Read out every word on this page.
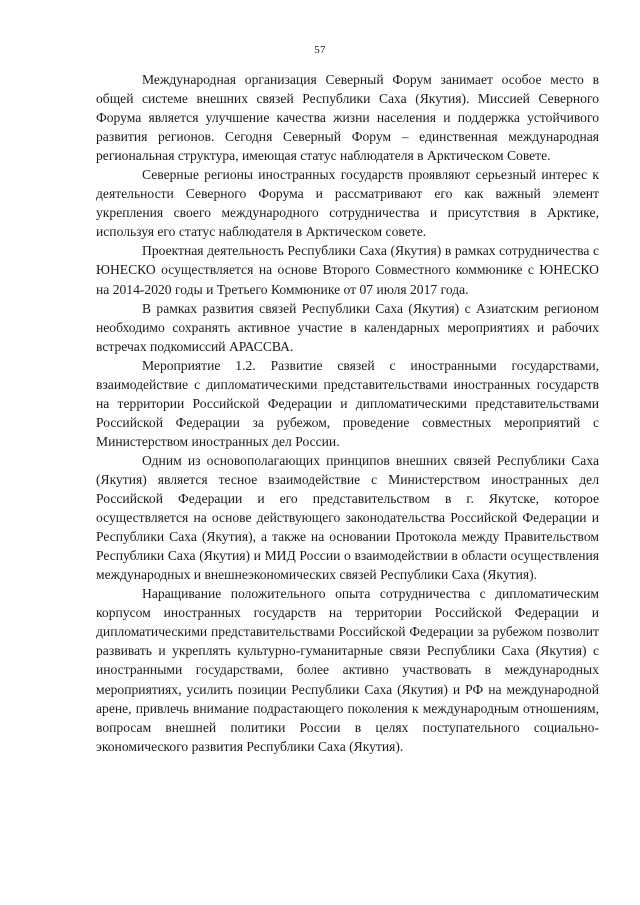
57

Международная организация Северный Форум занимает особое место в общей системе внешних связей Республики Саха (Якутия). Миссией Северного Форума является улучшение качества жизни населения и поддержка устойчивого развития регионов. Сегодня Северный Форум – единственная международная региональная структура, имеющая статус наблюдателя в Арктическом Совете.

Северные регионы иностранных государств проявляют серьезный интерес к деятельности Северного Форума и рассматривают его как важный элемент укрепления своего международного сотрудничества и присутствия в Арктике, используя его статус наблюдателя в Арктическом совете.

Проектная деятельность Республики Саха (Якутия) в рамках сотрудничества с ЮНЕСКО осуществляется на основе Второго Совместного коммюнике с ЮНЕСКО на 2014-2020 годы и Третьего Коммюнике от 07 июля 2017 года.

В рамках развития связей Республики Саха (Якутия) с Азиатским регионом необходимо сохранять активное участие в календарных мероприятиях и рабочих встречах подкомиссий АРАССВА.

Мероприятие 1.2. Развитие связей с иностранными государствами, взаимодействие с дипломатическими представительствами иностранных государств на территории Российской Федерации и дипломатическими представительствами Российской Федерации за рубежом, проведение совместных мероприятий с Министерством иностранных дел России.

Одним из основополагающих принципов внешних связей Республики Саха (Якутия) является тесное взаимодействие с Министерством иностранных дел Российской Федерации и его представительством в г. Якутске, которое осуществляется на основе действующего законодательства Российской Федерации и Республики Саха (Якутия), а также на основании Протокола между Правительством Республики Саха (Якутия) и МИД России о взаимодействии в области осуществления международных и внешнеэкономических связей Республики Саха (Якутия).

Наращивание положительного опыта сотрудничества с дипломатическим корпусом иностранных государств на территории Российской Федерации и дипломатическими представительствами Российской Федерации за рубежом позволит развивать и укреплять культурно-гуманитарные связи Республики Саха (Якутия) с иностранными государствами, более активно участвовать в международных мероприятиях, усилить позиции Республики Саха (Якутия) и РФ на международной арене, привлечь внимание подрастающего поколения к международным отношениям, вопросам внешней политики России в целях поступательного социально-экономического развития Республики Саха (Якутия).
